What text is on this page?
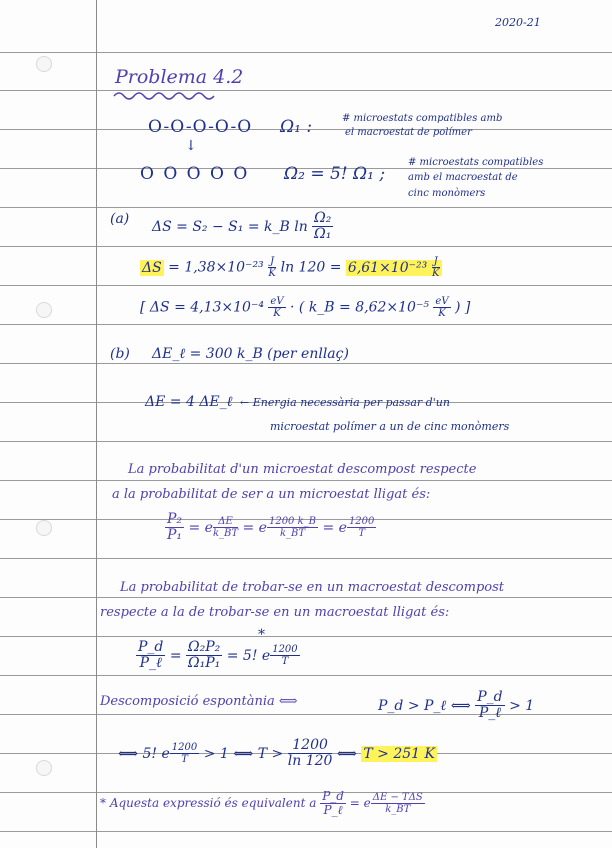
2020-21
Problema 4.2
O-O-O-O-O
↓
Ω₁ :	# microestats compatibles amb
el macroestat de polímer
O O O O O Ω₂ = 5! Ω₁ ;
# microestats compatibles
amb el macroestat de
cinc monòmers
(a) ΔS = S₂ − S₁ = k_B $\ln \frac{\text{Ω₂}}{\text{Ω₁}}$
$\Delta S = 1,38\times 10^{-23} \frac{J}{K}$ $\ln 120 = 6,61\times 10^{-23} \frac{J}{K}$
[ $\Delta S = 4,13\times 10^{-4} \frac{eV}{K}$ · ( k_B = $8,62\times 10^{-5} \frac{eV}{K}$ ) ]
(b) ΔE_ℓ = 300 k_B (per enllaç)
ΔE = 4 ΔE_ℓ ← Energia necessària per passar d'un
microestat polímer a un de cinc monòmers
La probabilitat d'un microestat descompost respecte
a la probabilitat de ser a un microestat lligat és:
$\frac{\text{P₂}}{\text{P₁}} = e \frac{\Delta E}{k\_BT} = e \frac{1200 k\_B}{k\_BT} = e \frac{1200}{T}$
La probabilitat de trobar-se en un macroestat descompost
respecte a la de trobar-se en un macroestat lligat és:
*
$\frac{P\_d}{\text{P\_ℓ}} = \frac{\text{Ω₂P₂}}{\text{Ω₁P₁}} = 5$! e $\frac{1200}{T}$
Descomposició espontània ⟺	P_d > P_ℓ ⟺ $\frac{P\_d}{\text{P\_ℓ}} > 1$
⟺ 5! e $\frac{1200}{T} > 1$ ⟺ $T > \frac{1200}{\ln 120}$ ⟺ T > 251 K
* Aquesta expressió és equivalent a $\frac{P\_d}{\text{P\_ℓ}} = e \frac{\text{ΔE − TΔS}}{k\_BT}$
